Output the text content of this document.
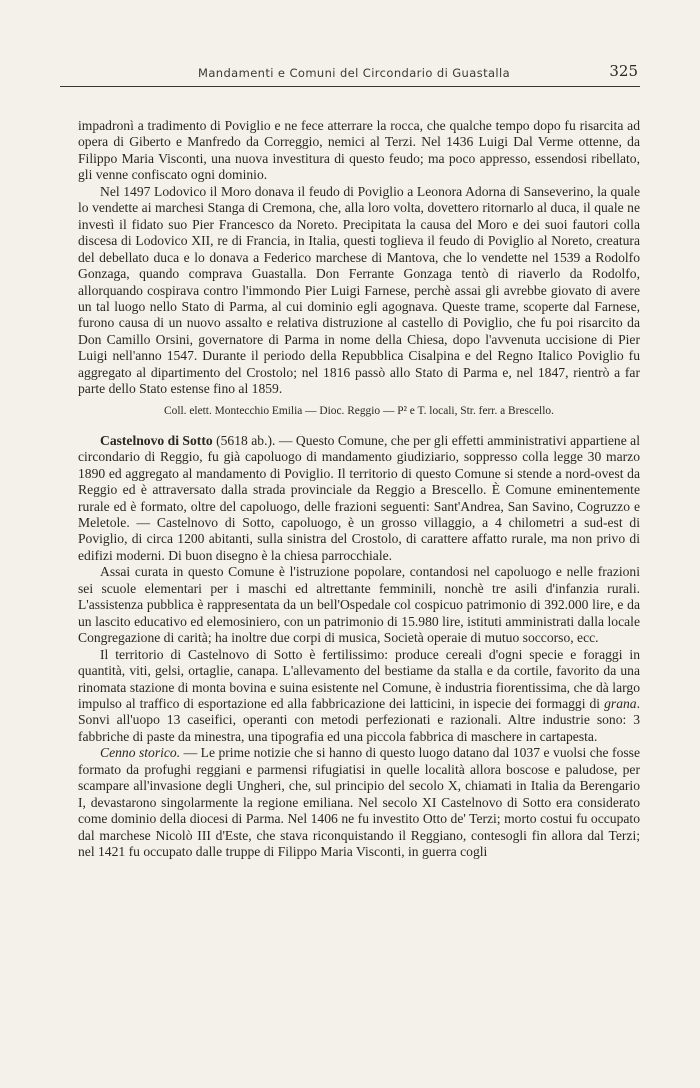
Mandamenti e Comuni del Circondario di Guastalla	325

impadronì a tradimento di Poviglio e ne fece atterrare la rocca, che qualche tempo dopo fu risarcita ad opera di Giberto e Manfredo da Correggio, nemici al Terzi. Nel 1436 Luigi Dal Verme ottenne, da Filippo Maria Visconti, una nuova investitura di questo feudo; ma poco appresso, essendosi ribellato, gli venne confiscato ogni dominio.

Nel 1497 Lodovico il Moro donava il feudo di Poviglio a Leonora Adorna di Sanseverino, la quale lo vendette ai marchesi Stanga di Cremona, che, alla loro volta, dovettero ritornarlo al duca, il quale ne investì il fidato suo Pier Francesco da Noreto. Precipitata la causa del Moro e dei suoi fautori colla discesa di Lodovico XII, re di Francia, in Italia, questi toglieva il feudo di Poviglio al Noreto, creatura del debellato duca e lo donava a Federico marchese di Mantova, che lo vendette nel 1539 a Rodolfo Gonzaga, quando comprava Guastalla. Don Ferrante Gonzaga tentò di riaverlo da Rodolfo, allorquando cospirava contro l'immondo Pier Luigi Farnese, perchè assai gli avrebbe giovato di avere un tal luogo nello Stato di Parma, al cui dominio egli agognava. Queste trame, scoperte dal Farnese, furono causa di un nuovo assalto e relativa distruzione al castello di Poviglio, che fu poi risarcito da Don Camillo Orsini, governatore di Parma in nome della Chiesa, dopo l'avvenuta uccisione di Pier Luigi nell'anno 1547. Durante il periodo della Repubblica Cisalpina e del Regno Italico Poviglio fu aggregato al dipartimento del Crostolo; nel 1816 passò allo Stato di Parma e, nel 1847, rientrò a far parte dello Stato estense fino al 1859.

Coll. elett. Montecchio Emilia — Dioc. Reggio — P² e T. locali, Str. ferr. a Brescello.

Castelnovo di Sotto (5618 ab.). — Questo Comune, che per gli effetti amministrativi appartiene al circondario di Reggio, fu già capoluogo di mandamento giudiziario, soppresso colla legge 30 marzo 1890 ed aggregato al mandamento di Poviglio. Il territorio di questo Comune si stende a nord-ovest da Reggio ed è attraversato dalla strada provinciale da Reggio a Brescello. È Comune eminentemente rurale ed è formato, oltre del capoluogo, delle frazioni seguenti: Sant'Andrea, San Savino, Cogruzzo e Meletole. — Castelnovo di Sotto, capoluogo, è un grosso villaggio, a 4 chilometri a sud-est di Poviglio, di circa 1200 abitanti, sulla sinistra del Crostolo, di carattere affatto rurale, ma non privo di edifizi moderni. Di buon disegno è la chiesa parrocchiale.

Assai curata in questo Comune è l'istruzione popolare, contandosi nel capoluogo e nelle frazioni sei scuole elementari per i maschi ed altrettante femminili, nonchè tre asili d'infanzia rurali. L'assistenza pubblica è rappresentata da un bell'Ospedale col cospicuo patrimonio di 392.000 lire, e da un lascito educativo ed elemosiniero, con un patrimonio di 15.980 lire, istituti amministrati dalla locale Congregazione di carità; ha inoltre due corpi di musica, Società operaie di mutuo soccorso, ecc.

Il territorio di Castelnovo di Sotto è fertilissimo: produce cereali d'ogni specie e foraggi in quantità, viti, gelsi, ortaglie, canapa. L'allevamento del bestiame da stalla e da cortile, favorito da una rinomata stazione di monta bovina e suina esistente nel Comune, è industria fiorentissima, che dà largo impulso al traffico di esportazione ed alla fabbricazione dei latticini, in ispecie dei formaggi di grana. Sonvi all'uopo 13 caseifici, operanti con metodi perfezionati e razionali. Altre industrie sono: 3 fabbriche di paste da minestra, una tipografia ed una piccola fabbrica di maschere in cartapesta.

Cenno storico. — Le prime notizie che si hanno di questo luogo datano dal 1037 e vuolsi che fosse formato da profughi reggiani e parmensi rifugiatisi in quelle località allora boscose e paludose, per scampare all'invasione degli Ungheri, che, sul principio del secolo X, chiamati in Italia da Berengario I, devastarono singolarmente la regione emiliana. Nel secolo XI Castelnovo di Sotto era considerato come dominio della diocesi di Parma. Nel 1406 ne fu investito Otto de' Terzi; morto costui fu occupato dal marchese Nicolò III d'Este, che stava riconquistando il Reggiano, contesogli fin allora dal Terzi; nel 1421 fu occupato dalle truppe di Filippo Maria Visconti, in guerra cogli
